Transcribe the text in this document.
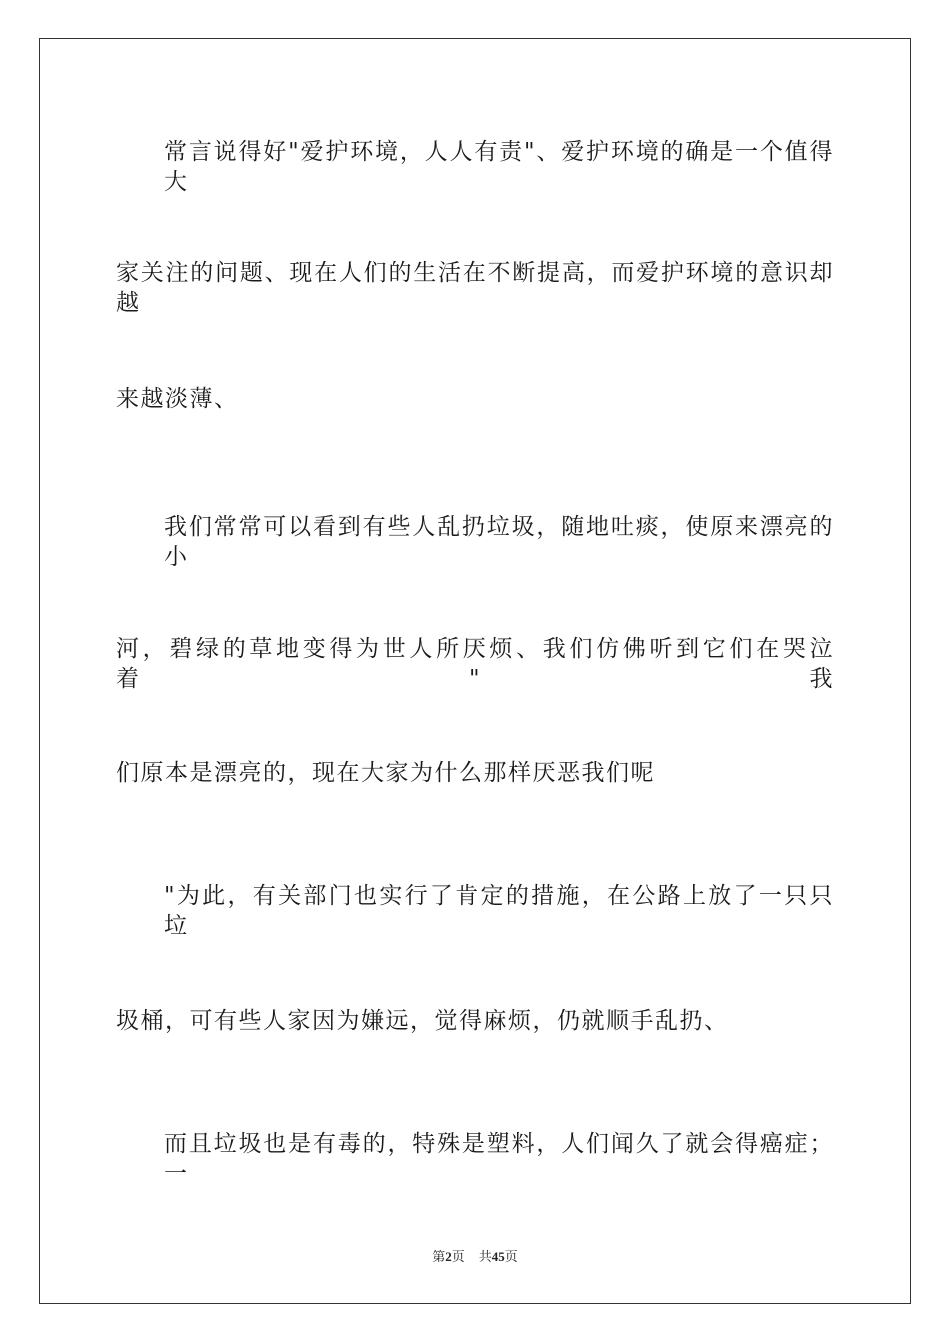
常言说得好"爱护环境，人人有责"、爱护环境的确是一个值得大
家关注的问题、现在人们的生活在不断提高，而爱护环境的意识却越
来越淡薄、
我们常常可以看到有些人乱扔垃圾，随地吐痰，使原来漂亮的小
河，碧绿的草地变得为世人所厌烦、我们仿佛听到它们在哭泣着"我
们原本是漂亮的，现在大家为什么那样厌恶我们呢
"为此，有关部门也实行了肯定的措施，在公路上放了一只只垃
圾桶，可有些人家因为嫌远，觉得麻烦，仍就顺手乱扔、
而且垃圾也是有毒的，特殊是塑料，人们闻久了就会得癌症；一
第2页 共45页
